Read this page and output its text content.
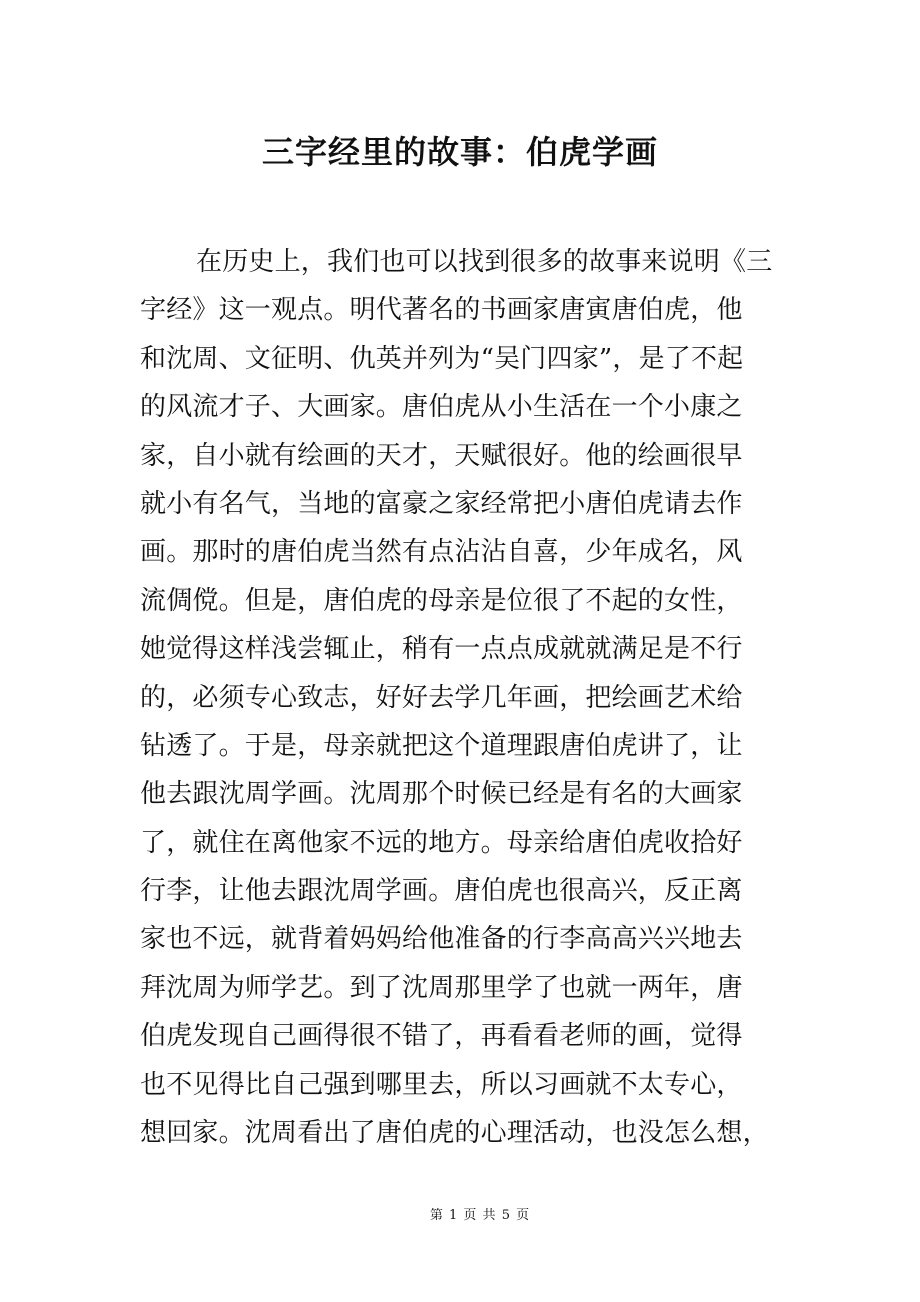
三字经里的故事：伯虎学画
在历史上，我们也可以找到很多的故事来说明《三
字经》这一观点。明代著名的书画家唐寅唐伯虎，他
和沈周、文征明、仇英并列为“吴门四家”，是了不起
的风流才子、大画家。唐伯虎从小生活在一个小康之
家，自小就有绘画的天才，天赋很好。他的绘画很早
就小有名气，当地的富豪之家经常把小唐伯虎请去作
画。那时的唐伯虎当然有点沾沾自喜，少年成名，风
流倜傥。但是，唐伯虎的母亲是位很了不起的女性，
她觉得这样浅尝辄止，稍有一点点成就就满足是不行
的，必须专心致志，好好去学几年画，把绘画艺术给
钻透了。于是，母亲就把这个道理跟唐伯虎讲了，让
他去跟沈周学画。沈周那个时候已经是有名的大画家
了，就住在离他家不远的地方。母亲给唐伯虎收拾好
行李，让他去跟沈周学画。唐伯虎也很高兴，反正离
家也不远，就背着妈妈给他准备的行李高高兴兴地去
拜沈周为师学艺。到了沈周那里学了也就一两年，唐
伯虎发现自己画得很不错了，再看看老师的画，觉得
也不见得比自己强到哪里去，所以习画就不太专心，
想回家。沈周看出了唐伯虎的心理活动，也没怎么想，
第 1 页 共 5 页
